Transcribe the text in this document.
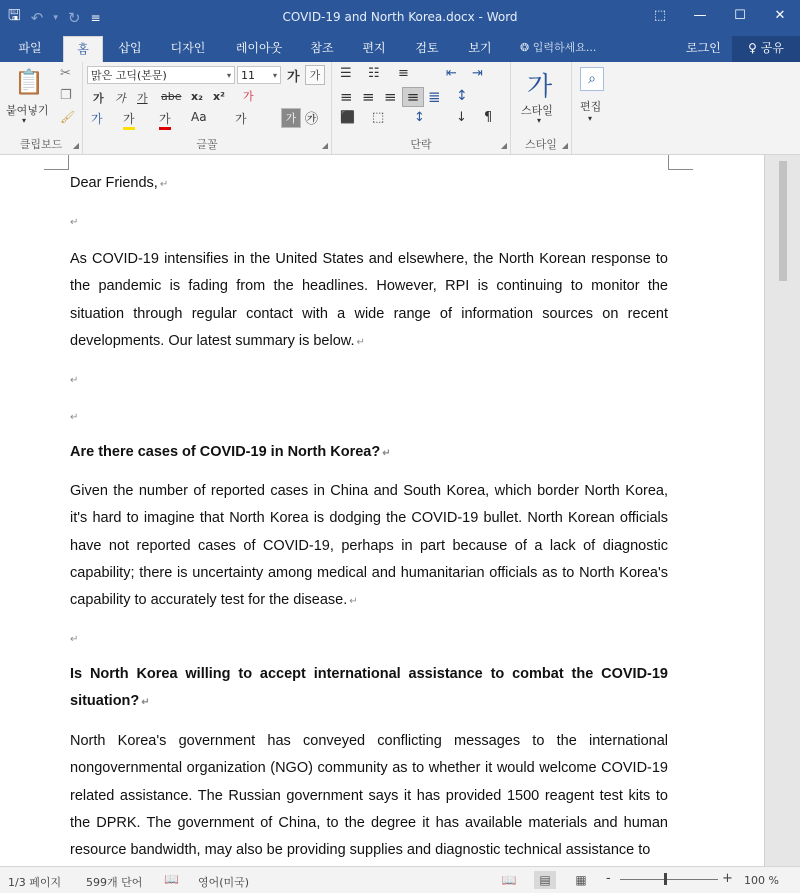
🖫 ↶ ▾ ↻ ≡	COVID-19 and North Korea.docx - Word	⬚	—	☐	✕
파일	홈	삽입	디자인	레이아웃	참조	편지	검토	보기	❂ 입력하세요...	로그인	♀ 공유
📋
붙여넣기
▾
✂
❐
🖌
클립보드	◢
맑은 고딕(본문)	▾ 11 ▾ 가 가
가 가 가 abe x₂ x² 가
가 가 가 Aa 가	가 ㉮
글꼴	◢
☰ ☷ ≡	⇤ ⇥
≡ ≡ ≡ ≡ ≣ ↕
⬛ ⬚ ↕ ↓ ¶
단락	◢
가
스타일
▾
스타일 ◢
⌕
편집
▾
Dear Friends, ↵
↵
As COVID-19 intensifies in the United States and elsewhere, the North Korean response to the pandemic is fading from the headlines. However, RPI is continuing to monitor the situation through regular contact with a wide range of information sources on recent developments. Our latest summary is below. ↵
↵
↵
Are there cases of COVID-19 in North Korea? ↵
Given the number of reported cases in China and South Korea, which border North Korea, it's hard to imagine that North Korea is dodging the COVID-19 bullet. North Korean officials have not reported cases of COVID-19, perhaps in part because of a lack of diagnostic capability; there is uncertainty among medical and humanitarian officials as to North Korea's capability to accurately test for the disease. ↵
↵
Is North Korea willing to accept international assistance to combat the COVID-19 situation? ↵
North Korea's government has conveyed conflicting messages to the international nongovernmental organization (NGO) community as to whether it would welcome COVID-19 related assistance. The Russian government says it has provided 1500 reagent test kits to the DPRK. The government of China, to the degree it has available materials and human resource bandwidth, may also be providing supplies and diagnostic technical assistance to
1/3 페이지 599개 단어 📖 영어(미국)	📖	▤	▦	-	+ 100 %
